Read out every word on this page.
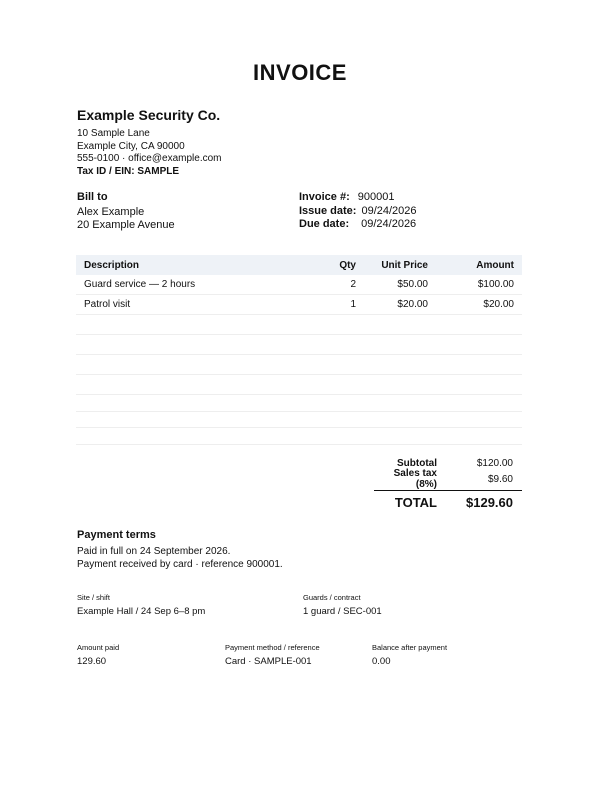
INVOICE
Example Security Co.
10 Sample Lane
Example City, CA 90000
555-0100 · office@example.com
Tax ID / EIN: SAMPLE
Bill to
Alex Example
20 Example Avenue
Invoice #: 900001
Issue date: 09/24/2026
Due date: 09/24/2026
Description	Qty	Unit Price	Amount
Guard service — 2 hours	2	$50.00	$100.00
Patrol visit	1	$20.00	$20.00
Subtotal	$120.00
Sales tax (8%)	$9.60
TOTAL	$129.60
Payment terms
Paid in full on 24 September 2026.
Payment received by card · reference 900001.
Site / shift
Example Hall / 24 Sep 6–8 pm
Guards / contract
1 guard / SEC-001
Amount paid
129.60
Payment method / reference
Card · SAMPLE-001
Balance after payment
0.00
